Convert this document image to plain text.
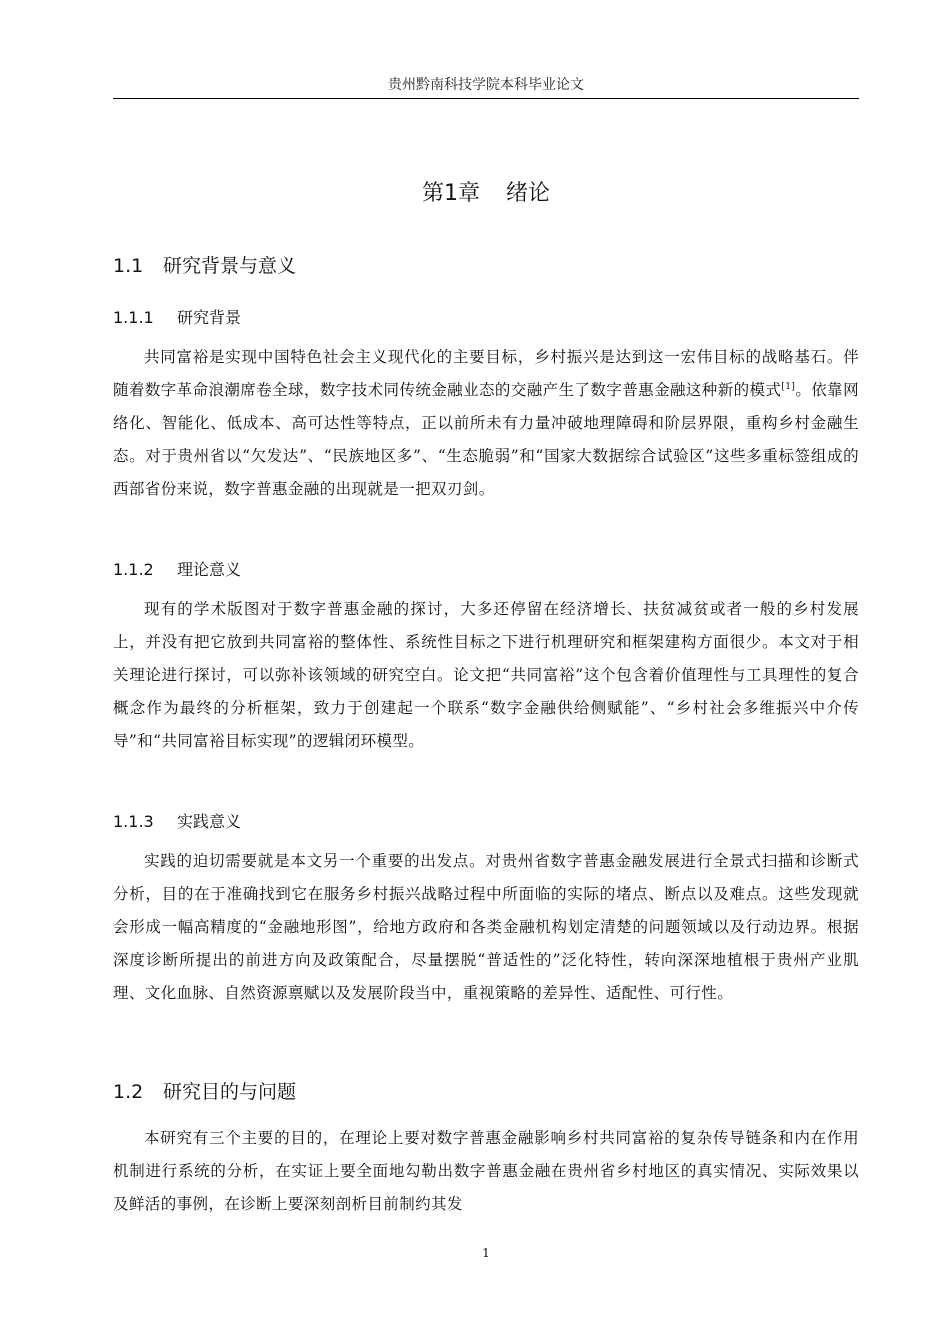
贵州黔南科技学院本科毕业论文
第1章 绪论
1.1 研究背景与意义
1.1.1 研究背景

共同富裕是实现中国特色社会主义现代化的主要目标，乡村振兴是达到这一宏伟目标的战略基石。伴随着数字革命浪潮席卷全球，数字技术同传统金融业态的交融产生了数字普惠金融这种新的模式[1]。依靠网络化、智能化、低成本、高可达性等特点，正以前所未有力量冲破地理障碍和阶层界限，重构乡村金融生态。对于贵州省以“欠发达”、“民族地区多”、“生态脆弱”和“国家大数据综合试验区”这些多重标签组成的西部省份来说，数字普惠金融的出现就是一把双刃剑。

1.1.2 理论意义

现有的学术版图对于数字普惠金融的探讨，大多还停留在经济增长、扶贫减贫或者一般的乡村发展上，并没有把它放到共同富裕的整体性、系统性目标之下进行机理研究和框架建构方面很少。本文对于相关理论进行探讨，可以弥补该领域的研究空白。论文把“共同富裕”这个包含着价值理性与工具理性的复合概念作为最终的分析框架，致力于创建起一个联系“数字金融供给侧赋能”、“乡村社会多维振兴中介传导”和“共同富裕目标实现”的逻辑闭环模型。

1.1.3 实践意义

实践的迫切需要就是本文另一个重要的出发点。对贵州省数字普惠金融发展进行全景式扫描和诊断式分析，目的在于准确找到它在服务乡村振兴战略过程中所面临的实际的堵点、断点以及难点。这些发现就会形成一幅高精度的“金融地形图”，给地方政府和各类金融机构划定清楚的问题领域以及行动边界。根据深度诊断所提出的前进方向及政策配合，尽量摆脱“普适性的”泛化特性，转向深深地植根于贵州产业肌理、文化血脉、自然资源禀赋以及发展阶段当中，重视策略的差异性、适配性、可行性。

1.2 研究目的与问题

本研究有三个主要的目的，在理论上要对数字普惠金融影响乡村共同富裕的复杂传导链条和内在作用机制进行系统的分析，在实证上要全面地勾勒出数字普惠金融在贵州省乡村地区的真实情况、实际效果以及鲜活的事例，在诊断上要深刻剖析目前制约其发

1
